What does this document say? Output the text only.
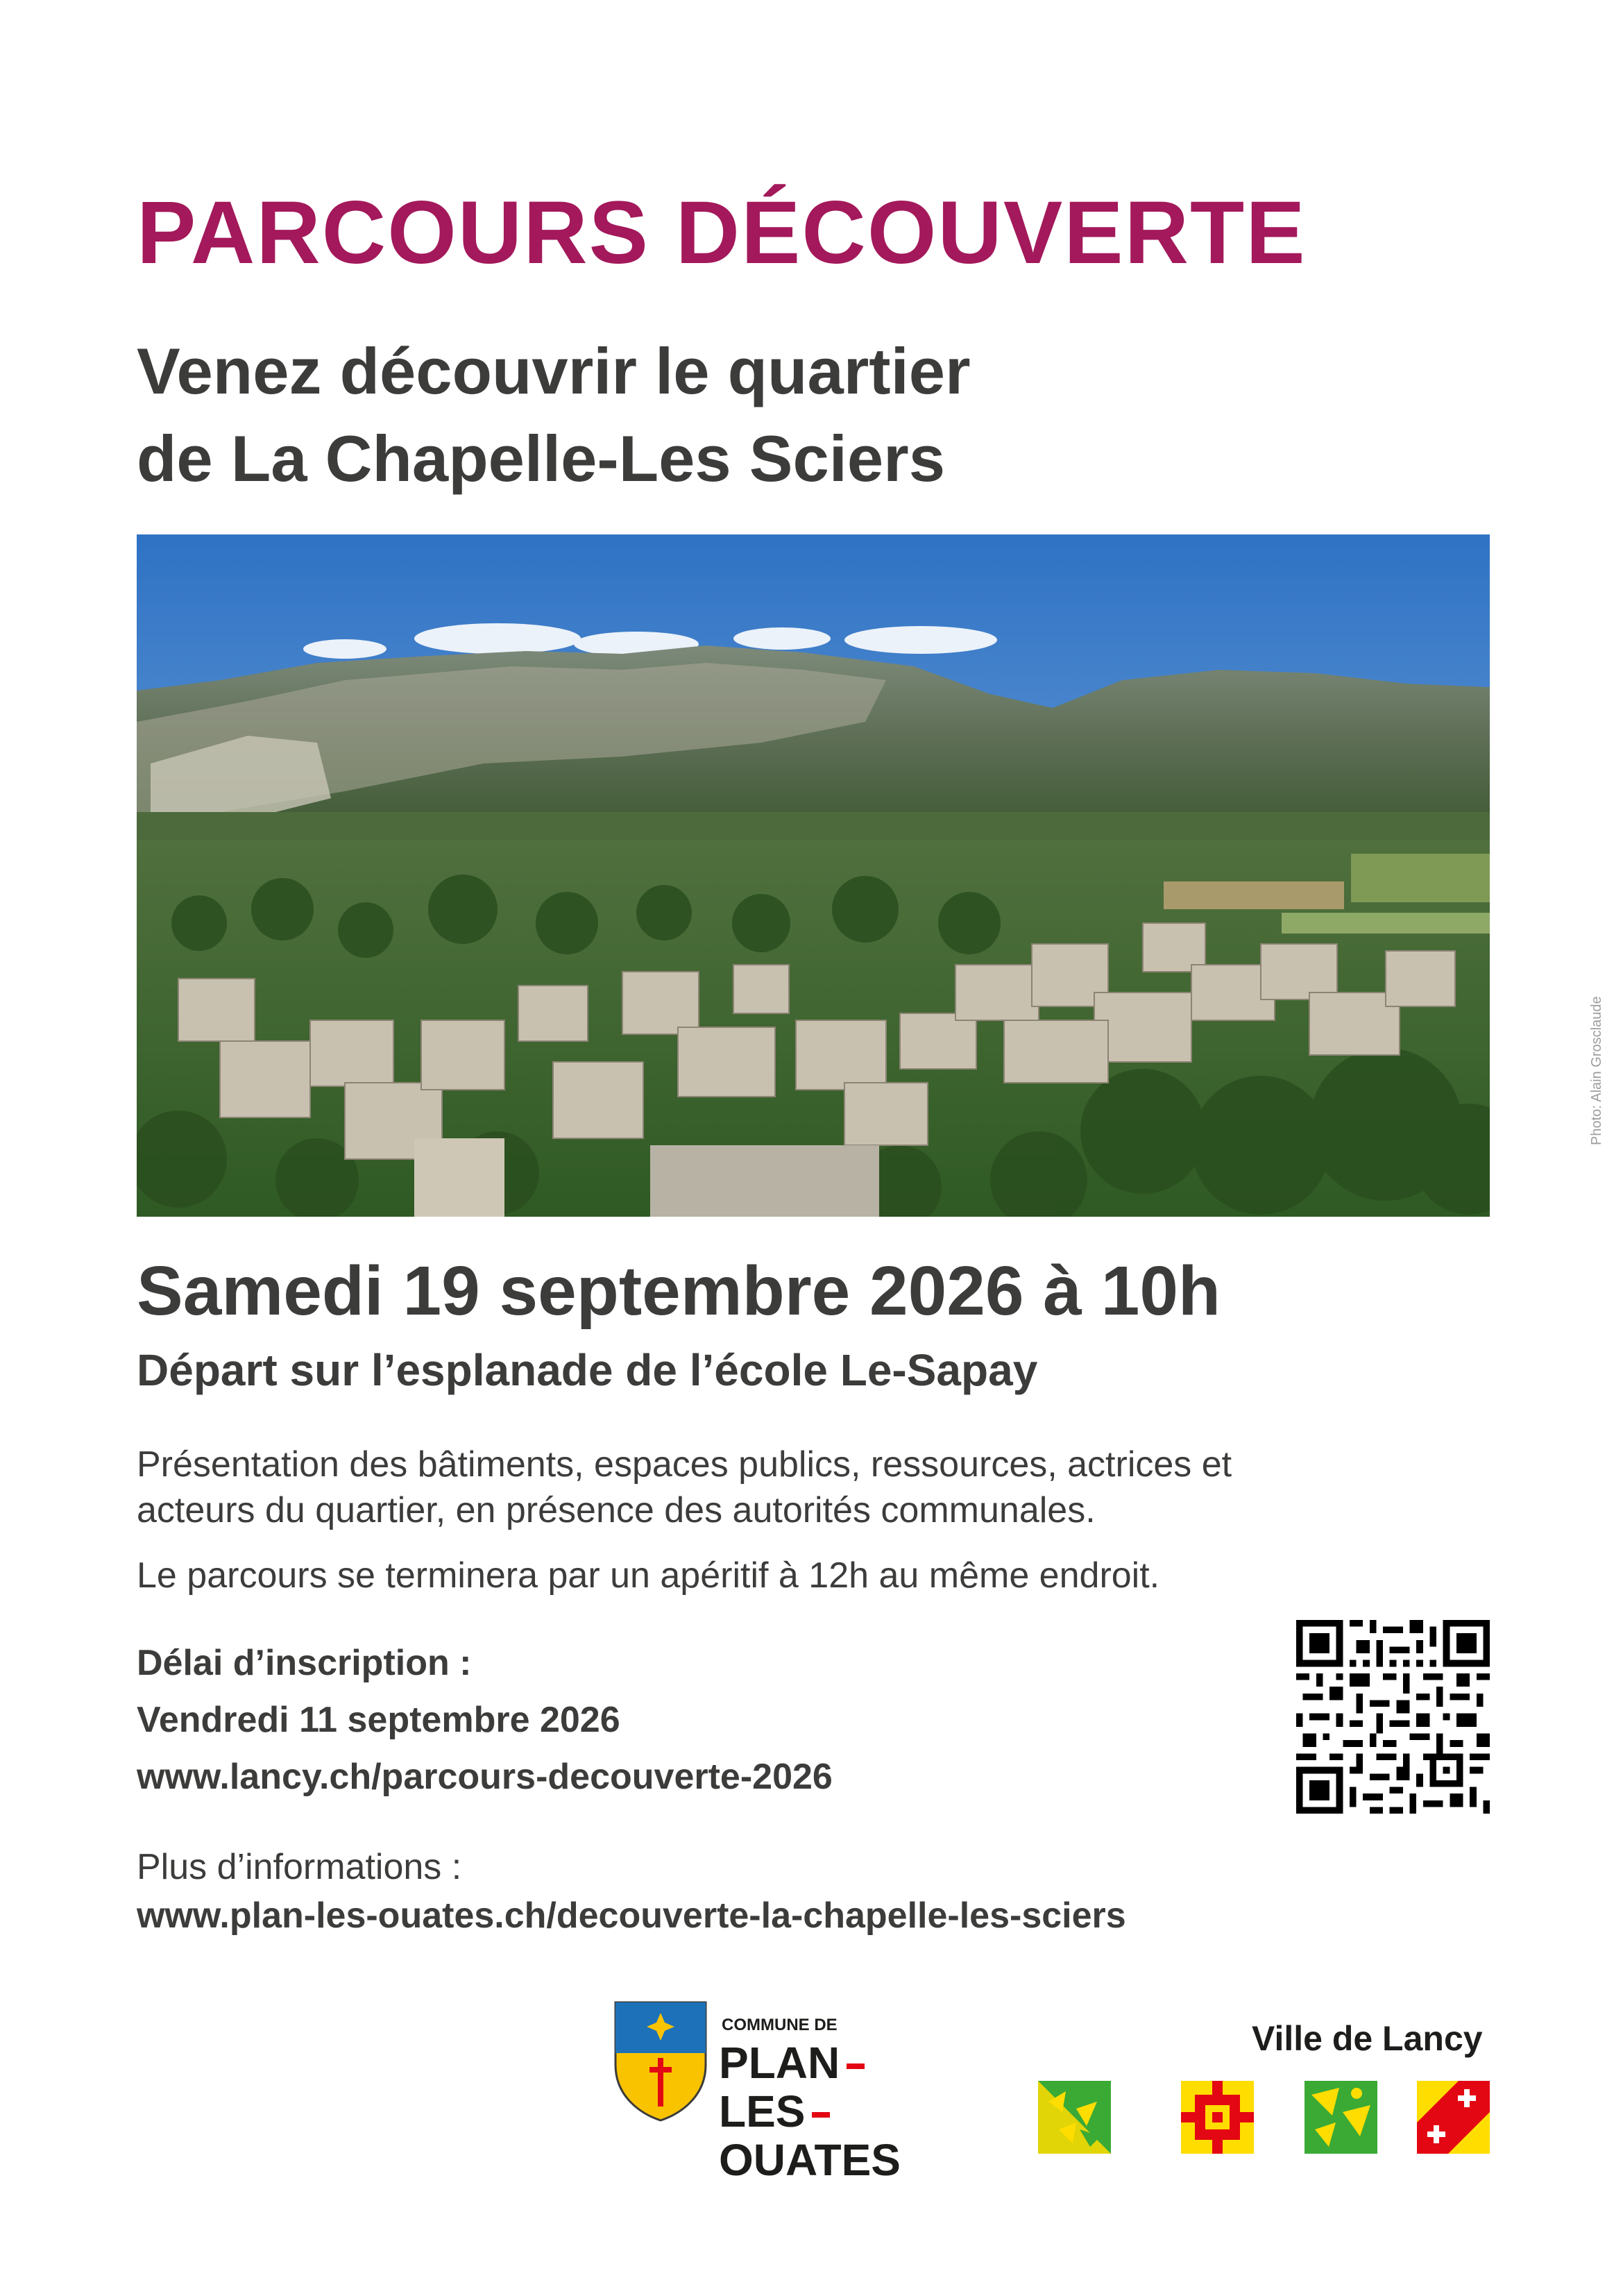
PARCOURS DÉCOUVERTE
Venez découvrir le quartier
de La Chapelle-Les Sciers
Photo: Alain Grosclaude
Samedi 19 septembre 2026 à 10h
Départ sur l’esplanade de l’école Le-Sapay
Présentation des bâtiments, espaces publics, ressources, actrices et
acteurs du quartier, en présence des autorités communales.
Le parcours se terminera par un apéritif à 12h au même endroit.
Délai d’inscription :
Vendredi 11 septembre 2026
www.lancy.ch/parcours-decouverte-2026
Plus d’informations :
www.plan-les-ouates.ch/decouverte-la-chapelle-les-sciers
COMMUNE DE
PLAN
LES
OUATES
Ville de Lancy
